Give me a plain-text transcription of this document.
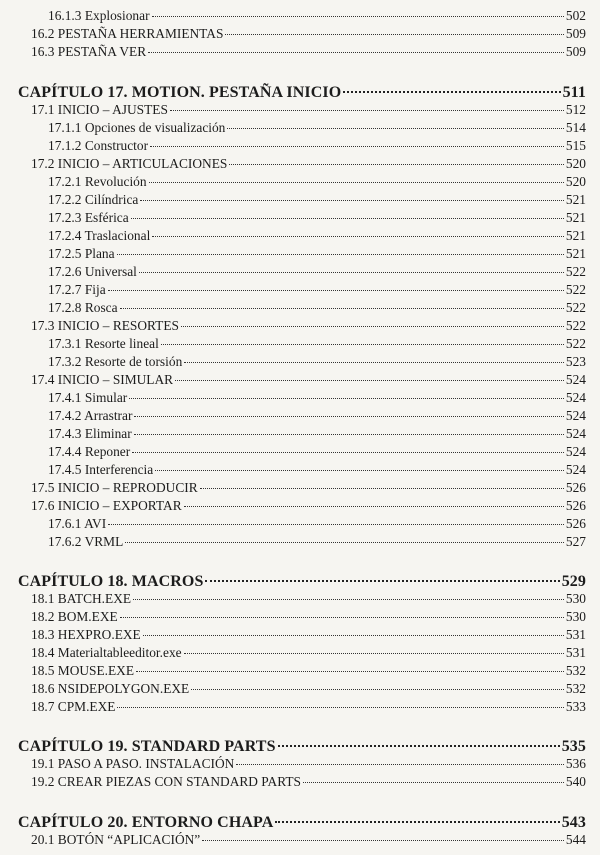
16.1.3 Explosionar	502
16.2 PESTAÑA HERRAMIENTAS	509
16.3 PESTAÑA VER	509
CAPÍTULO 17. MOTION. PESTAÑA INICIO	511
17.1 INICIO – AJUSTES	512
17.1.1 Opciones de visualización	514
17.1.2 Constructor	515
17.2 INICIO – ARTICULACIONES	520
17.2.1 Revolución	520
17.2.2 Cilíndrica	521
17.2.3 Esférica	521
17.2.4 Traslacional	521
17.2.5 Plana	521
17.2.6 Universal	522
17.2.7 Fija	522
17.2.8 Rosca	522
17.3 INICIO – RESORTES	522
17.3.1 Resorte lineal	522
17.3.2 Resorte de torsión	523
17.4 INICIO – SIMULAR	524
17.4.1 Simular	524
17.4.2 Arrastrar	524
17.4.3 Eliminar	524
17.4.4 Reponer	524
17.4.5 Interferencia	524
17.5 INICIO – REPRODUCIR	526
17.6 INICIO – EXPORTAR	526
17.6.1 AVI	526
17.6.2 VRML	527
CAPÍTULO 18. MACROS	529
18.1 BATCH.EXE	530
18.2 BOM.EXE	530
18.3 HEXPRO.EXE	531
18.4 Materialtableeditor.exe	531
18.5 MOUSE.EXE	532
18.6 NSIDEPOLYGON.EXE	532
18.7 CPM.EXE	533
CAPÍTULO 19. STANDARD PARTS	535
19.1 PASO A PASO. INSTALACIÓN	536
19.2 CREAR PIEZAS CON STANDARD PARTS	540
CAPÍTULO 20. ENTORNO CHAPA	543
20.1 BOTÓN “APLICACIÓN”	544
